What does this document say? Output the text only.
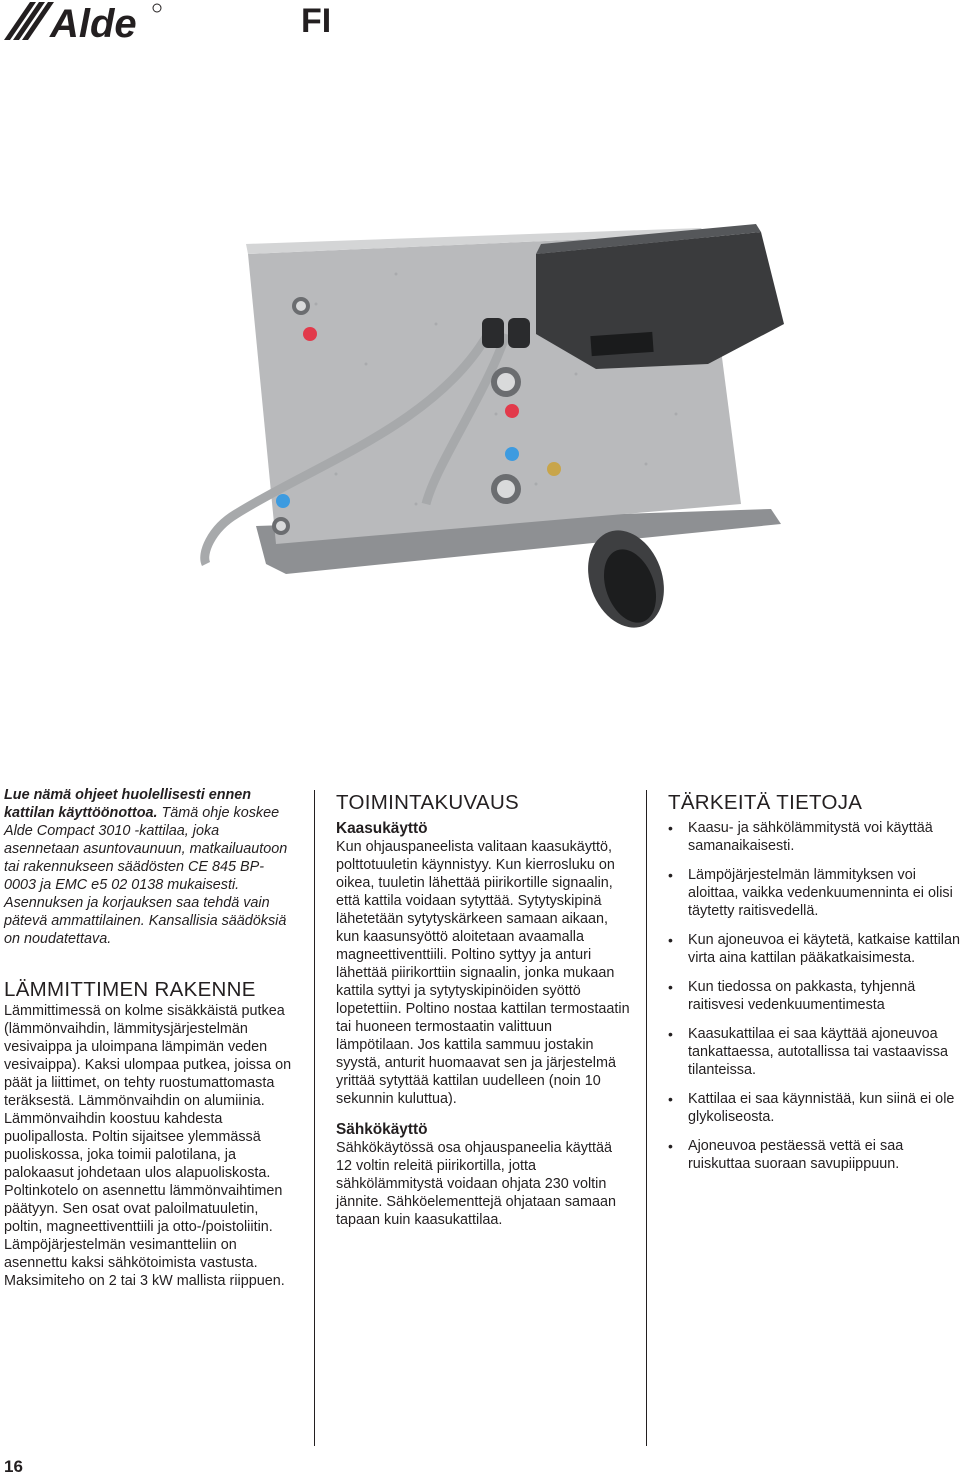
Alde	FI

Lue nämä ohjeet huolellisesti ennen kattilan käyttöönottoa. Tämä ohje koskee Alde Compact 3010 -kattilaa, joka asennetaan asuntovaunuun, matkailuautoon tai rakennukseen säädösten CE 845 BP-0003 ja EMC e5 02 0138 mukaisesti. Asennuksen ja korjauksen saa tehdä vain pätevä ammattilainen. Kansallisia säädöksiä on noudatettava.

LÄMMITTIMEN RAKENNE

Lämmittimessä on kolme sisäkkäistä putkea (lämmönvaihdin, lämmitysjärjestelmän vesivaippa ja uloimpana lämpimän veden vesivaippa). Kaksi ulompaa putkea, joissa on päät ja liittimet, on tehty ruostumattomasta teräksestä. Lämmönvaihdin on alumiinia. Lämmönvaihdin koostuu kahdesta puolipallosta. Poltin sijaitsee ylemmässä puoliskossa, joka toimii palotilana, ja palokaasut johdetaan ulos alapuoliskosta. Poltinkotelo on asennettu lämmönvaihtimen päätyyn. Sen osat ovat paloilmatuuletin, poltin, magneettiventtiili ja otto-/poistoliitin. Lämpöjärjestelmän vesimantteliin on asennettu kaksi sähkötoimista vastusta. Maksimiteho on 2 tai 3 kW mallista riippuen.

TOIMINTAKUVAUS
Kaasukäyttö

Kun ohjauspaneelista valitaan kaasukäyttö, polttotuuletin käynnistyy. Kun kierrosluku on oikea, tuuletin lähettää piirikortille signaalin, että kattila voidaan sytyttää. Sytytyskipinä lähetetään sytytyskärkeen samaan aikaan, kun kaasunsyöttö aloitetaan avaamalla magneettiventtiili. Poltino syttyy ja anturi lähettää piirikorttiin signaalin, jonka mukaan kattila syttyi ja sytytyskipinöiden syöttö lopetettiin. Poltino nostaa kattilan termostaatin tai huoneen termostaatin valittuun lämpötilaan. Jos kattila sammuu jostakin syystä, anturit huomaavat sen ja järjestelmä yrittää sytyttää kattilan uudelleen (noin 10 sekunnin kuluttua).

Sähkökäyttö

Sähkökäytössä osa ohjauspaneelia käyttää 12 voltin releitä piirikortilla, jotta sähkölämmitystä voidaan ohjata 230 voltin jännite. Sähköelementtejä ohjataan samaan tapaan kuin kaasukattilaa.

TÄRKEITÄ TIETOJA
• Kaasu- ja sähkölämmitystä voi käyttää samanaikaisesti.
• Lämpöjärjestelmän lämmityksen voi aloittaa, vaikka vedenkuumenninta ei olisi täytetty raitisvedellä.
• Kun ajoneuvoa ei käytetä, katkaise kattilan virta aina kattilan pääkatkaisimesta.
• Kun tiedossa on pakkasta, tyhjennä raitisvesi vedenkuumentimesta
• Kaasukattilaa ei saa käyttää ajoneuvoa tankattaessa, autotallissa tai vastaavissa tilanteissa.
• Kattilaa ei saa käynnistää, kun siinä ei ole glykoliseosta.
• Ajoneuvoa pestäessä vettä ei saa ruiskuttaa suoraan savupiippuun.
16
